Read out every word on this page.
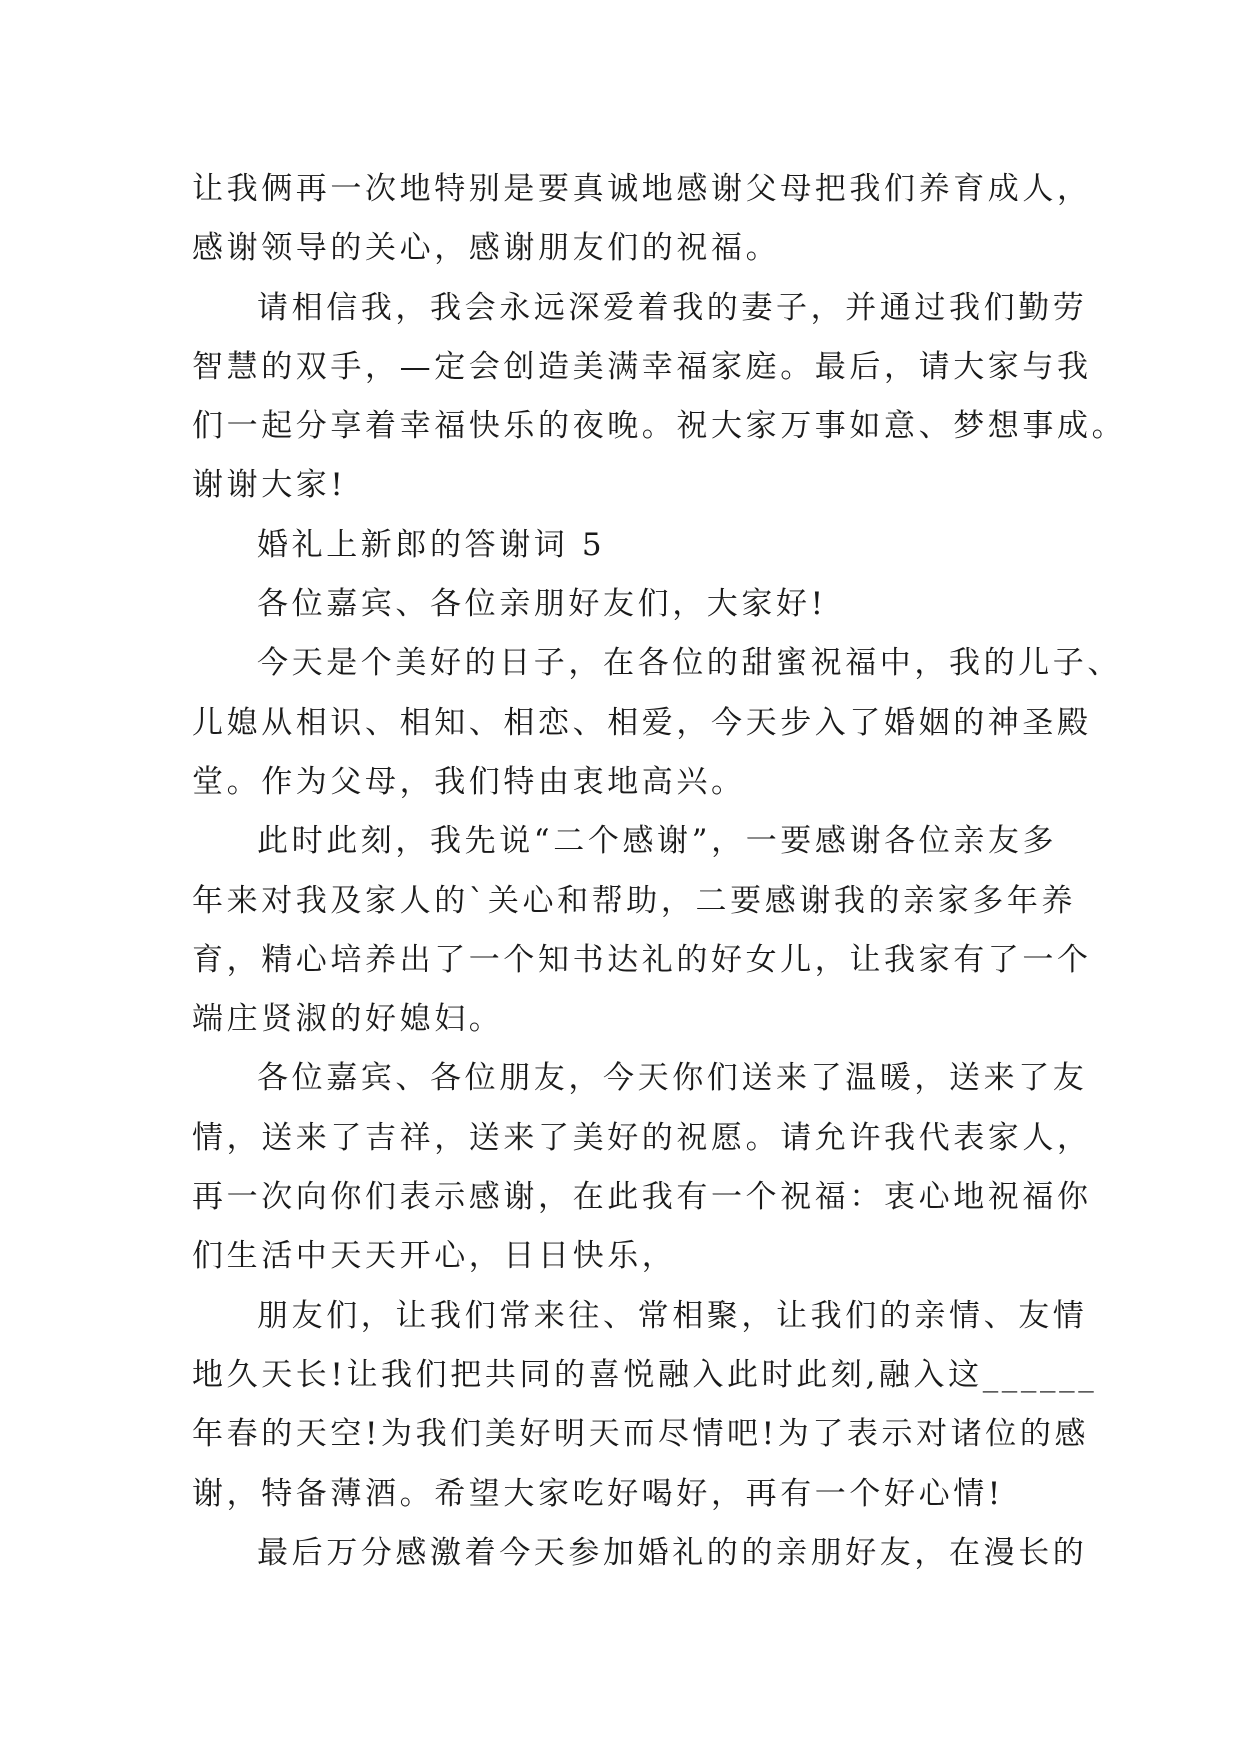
让我俩再一次地特别是要真诚地感谢父母把我们养育成人，
感谢领导的关心，感谢朋友们的祝福。
请相信我，我会永远深爱着我的妻子，并通过我们勤劳
智慧的双手，—定会创造美满幸福家庭。最后，请大家与我
们一起分享着幸福快乐的夜晚。祝大家万事如意、梦想事成。
谢谢大家!
婚礼上新郎的答谢词 5
各位嘉宾、各位亲朋好友们，大家好!
今天是个美好的日子，在各位的甜蜜祝福中，我的儿子、
儿媳从相识、相知、相恋、相爱，今天步入了婚姻的神圣殿
堂。作为父母，我们特由衷地高兴。
此时此刻，我先说“二个感谢”，一要感谢各位亲友多
年来对我及家人的`关心和帮助，二要感谢我的亲家多年养
育，精心培养出了一个知书达礼的好女儿，让我家有了一个
端庄贤淑的好媳妇。
各位嘉宾、各位朋友，今天你们送来了温暖，送来了友
情，送来了吉祥，送来了美好的祝愿。请允许我代表家人，
再一次向你们表示感谢，在此我有一个祝福：衷心地祝福你
们生活中天天开心，日日快乐，
朋友们，让我们常来往、常相聚，让我们的亲情、友情
地久天长!让我们把共同的喜悦融入此时此刻,融入这______
年春的天空!为我们美好明天而尽情吧!为了表示对诸位的感
谢，特备薄酒。希望大家吃好喝好，再有一个好心情!
最后万分感激着今天参加婚礼的的亲朋好友，在漫长的
